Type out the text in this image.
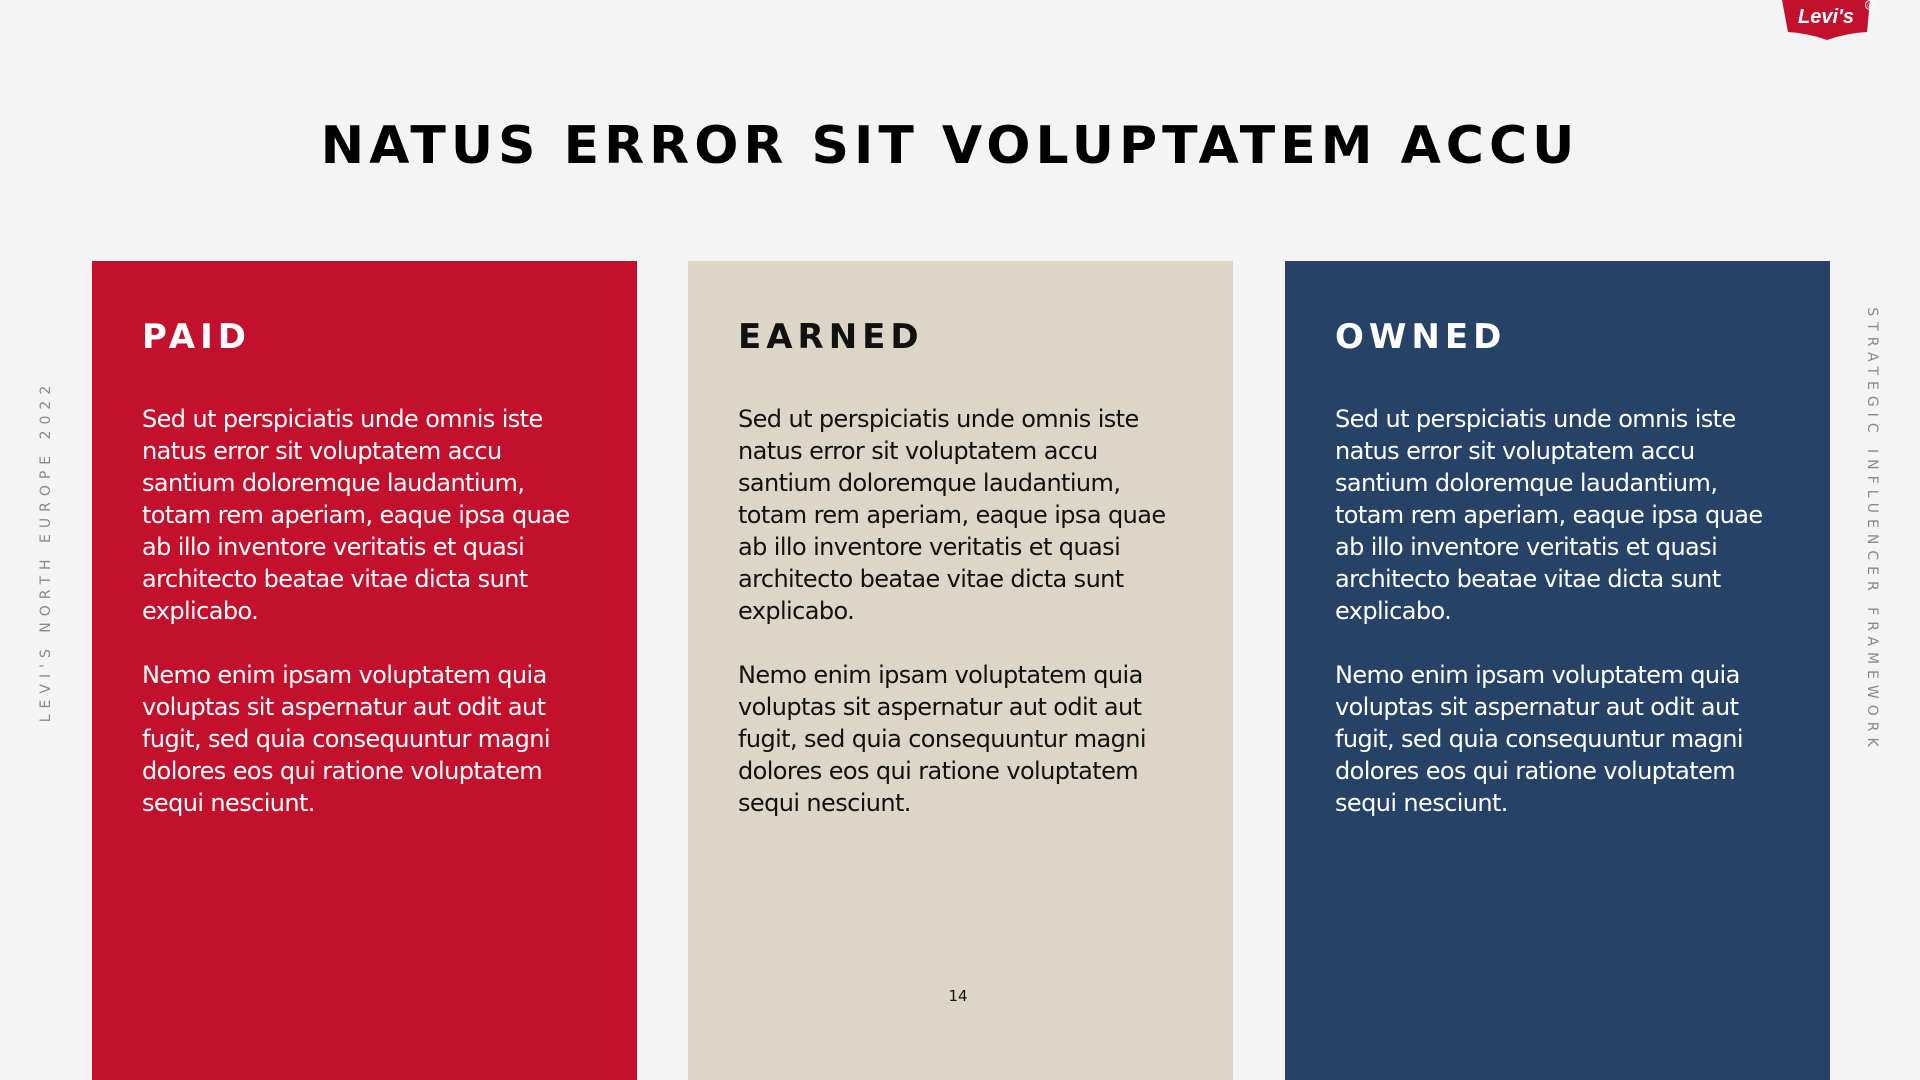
Levi's ®
NATUS ERROR SIT VOLUPTATEM ACCU
LEVI'S NORTH EUROPE 2022	STRATEGIC INFLUENCER FRAMEWORK
PAID

Sed ut perspiciatis unde omnis iste natus error sit voluptatem accu santium doloremque laudantium, totam rem aperiam, eaque ipsa quae ab illo inventore veritatis et quasi architecto beatae vitae dicta sunt explicabo.

Nemo enim ipsam voluptatem quia voluptas sit aspernatur aut odit aut fugit, sed quia consequuntur magni dolores eos qui ratione voluptatem sequi nesciunt.

EARNED

Sed ut perspiciatis unde omnis iste natus error sit voluptatem accu santium doloremque laudantium, totam rem aperiam, eaque ipsa quae ab illo inventore veritatis et quasi architecto beatae vitae dicta sunt explicabo.

Nemo enim ipsam voluptatem quia voluptas sit aspernatur aut odit aut fugit, sed quia consequuntur magni dolores eos qui ratione voluptatem sequi nesciunt.

OWNED

Sed ut perspiciatis unde omnis iste natus error sit voluptatem accu santium doloremque laudantium, totam rem aperiam, eaque ipsa quae ab illo inventore veritatis et quasi architecto beatae vitae dicta sunt explicabo.

Nemo enim ipsam voluptatem quia voluptas sit aspernatur aut odit aut fugit, sed quia consequuntur magni dolores eos qui ratione voluptatem sequi nesciunt.
